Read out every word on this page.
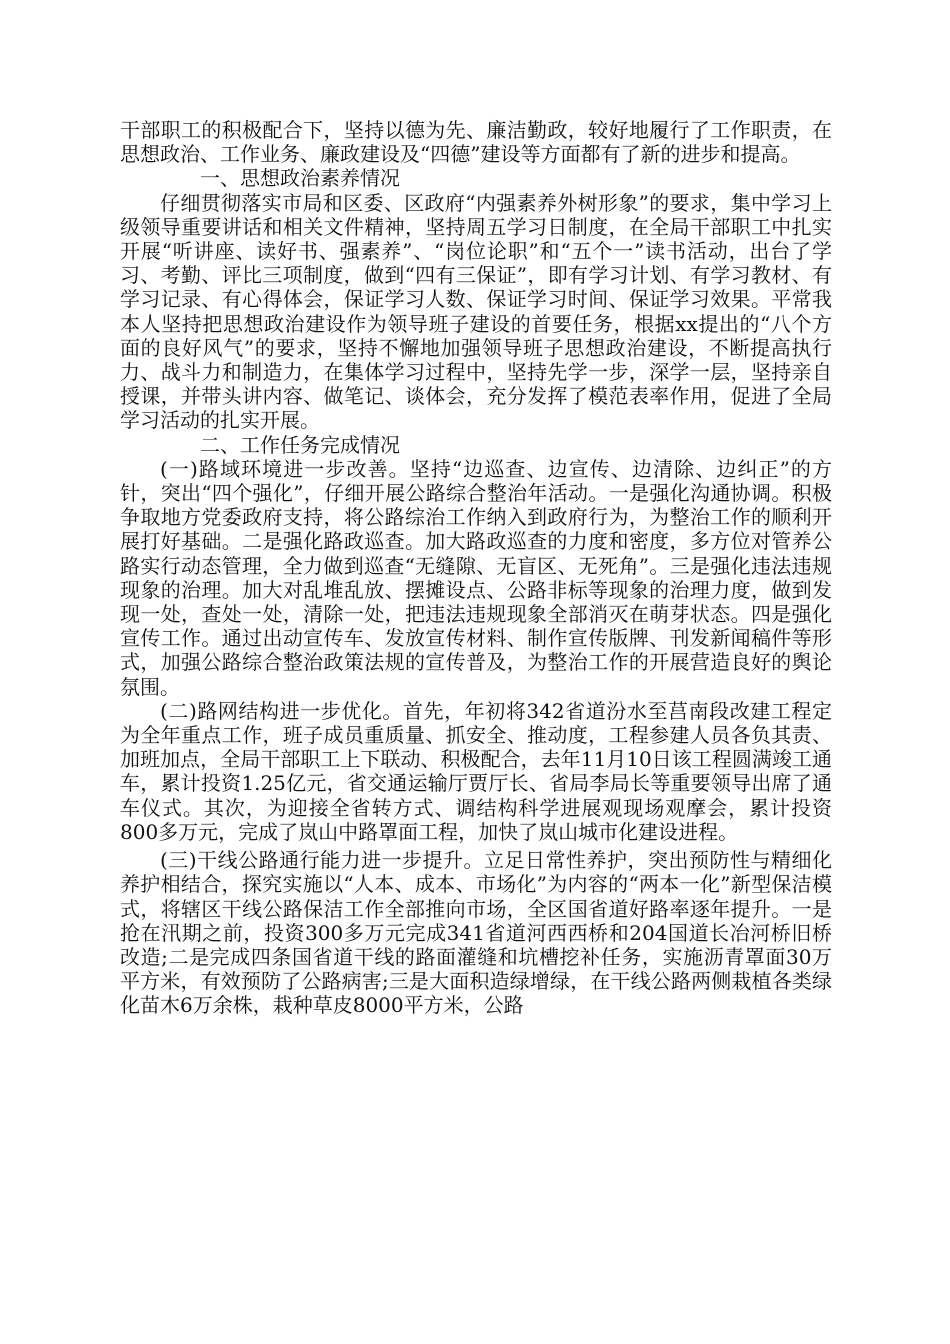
干部职工的积极配合下，坚持以德为先、廉洁勤政，较好地履行了工作职责，在思想政治、工作业务、廉政建设及“四德”建设等方面都有了新的进步和提高。

一、思想政治素养情况

仔细贯彻落实市局和区委、区政府“内强素养外树形象”的要求，集中学习上级领导重要讲话和相关文件精神，坚持周五学习日制度，在全局干部职工中扎实开展“听讲座、读好书、强素养”、“岗位论职”和“五个一”读书活动，出台了学习、考勤、评比三项制度，做到“四有三保证”，即有学习计划、有学习教材、有学习记录、有心得体会，保证学习人数、保证学习时间、保证学习效果。平常我本人坚持把思想政治建设作为领导班子建设的首要任务，根据xx提出的“八个方面的良好风气”的要求，坚持不懈地加强领导班子思想政治建设，不断提高执行力、战斗力和制造力，在集体学习过程中，坚持先学一步，深学一层，坚持亲自授课，并带头讲内容、做笔记、谈体会，充分发挥了模范表率作用，促进了全局学习活动的扎实开展。

二、工作任务完成情况

(一)路域环境进一步改善。坚持“边巡查、边宣传、边清除、边纠正”的方针，突出“四个强化”，仔细开展公路综合整治年活动。一是强化沟通协调。积极争取地方党委政府支持，将公路综治工作纳入到政府行为，为整治工作的顺利开展打好基础。二是强化路政巡查。加大路政巡查的力度和密度，多方位对管养公路实行动态管理，全力做到巡查“无缝隙、无盲区、无死角”。三是强化违法违规现象的治理。加大对乱堆乱放、摆摊设点、公路非标等现象的治理力度，做到发现一处，查处一处，清除一处，把违法违规现象全部消灭在萌芽状态。四是强化宣传工作。通过出动宣传车、发放宣传材料、制作宣传版牌、刊发新闻稿件等形式，加强公路综合整治政策法规的宣传普及，为整治工作的开展营造良好的舆论氛围。

(二)路网结构进一步优化。首先，年初将342省道汾水至莒南段改建工程定为全年重点工作，班子成员重质量、抓安全、推动度，工程参建人员各负其责、加班加点，全局干部职工上下联动、积极配合，去年11月10日该工程圆满竣工通车，累计投资1.25亿元，省交通运输厅贾厅长、省局李局长等重要领导出席了通车仪式。其次，为迎接全省转方式、调结构科学进展观现场观摩会，累计投资800多万元，完成了岚山中路罩面工程，加快了岚山城市化建设进程。

(三)干线公路通行能力进一步提升。立足日常性养护，突出预防性与精细化养护相结合，探究实施以“人本、成本、市场化”为内容的“两本一化”新型保洁模式，将辖区干线公路保洁工作全部推向市场，全区国省道好路率逐年提升。一是抢在汛期之前，投资300多万元完成341省道河西西桥和204国道长冶河桥旧桥改造;二是完成四条国省道干线的路面灌缝和坑槽挖补任务，实施沥青罩面30万平方米，有效预防了公路病害;三是大面积造绿增绿，在干线公路两侧栽植各类绿化苗木6万余株，栽种草皮8000平方米，公路
